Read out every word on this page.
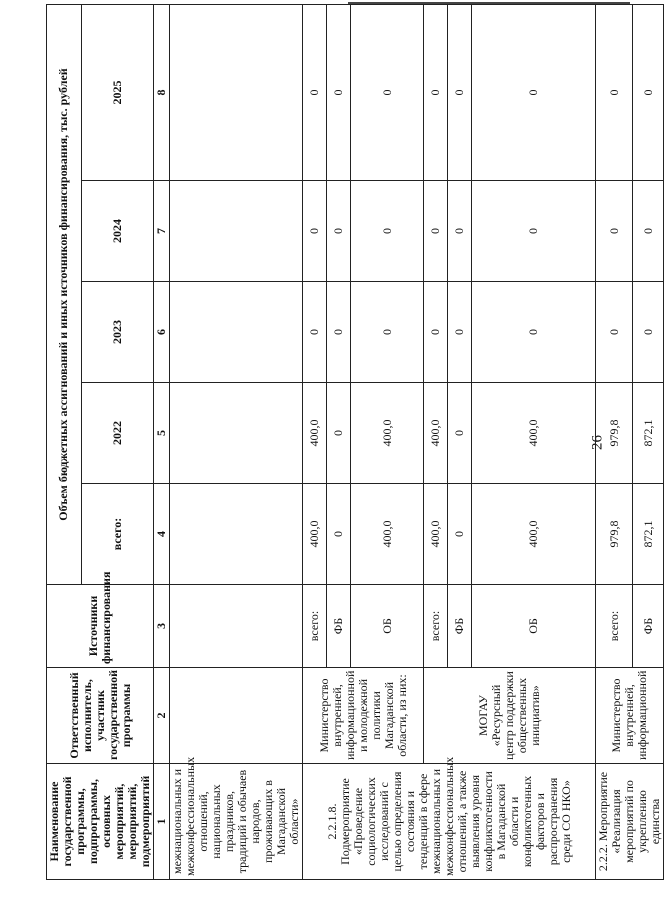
26
Наименование государственной программы, подпрограммы, основных мероприятий, мероприятий, подмероприятий	Ответственный исполнитель, участник государственной программы	Источники финансирования	Объем бюджетных ассигнований и иных источников финансирования, тыс. рублей				
			всего:	2022	2023	2024	2025
1	2	3	4	5	6	7	8
межнациональных и межконфессиональных отношений, национальных праздников, традиций и обычаев народов, проживающих в Магаданской области»							
2.2.1.8. Подмероприятие «Проведение социологических исследований с целью определения состояния и тенденций в сфере межнациональных и межконфессиональных отношений, а также выявления уровня конфликтогенности в Магаданской области и конфликтогенных факторов и распространения среди СО НКО»	Министерство внутренней, информационной и молодежной политики Магаданской области, из них:	всего:	400,0	400,0	0	0	0
		ФБ	0	0	0	0	0
		ОБ	400,0	400,0	0	0	0
	МОГАУ «Ресурсный центр поддержки общественных инициатив»	всего:	400,0	400,0	0	0	0
		ФБ	0	0	0	0	0
		ОБ	400,0	400,0	0	0	0
2.2.2. Мероприятие «Реализация мероприятий по укреплению единства	Министерство внутренней, информационной	всего:	979,8	979,8	0	0	0
		ФБ	872,1	872,1	0	0	0
